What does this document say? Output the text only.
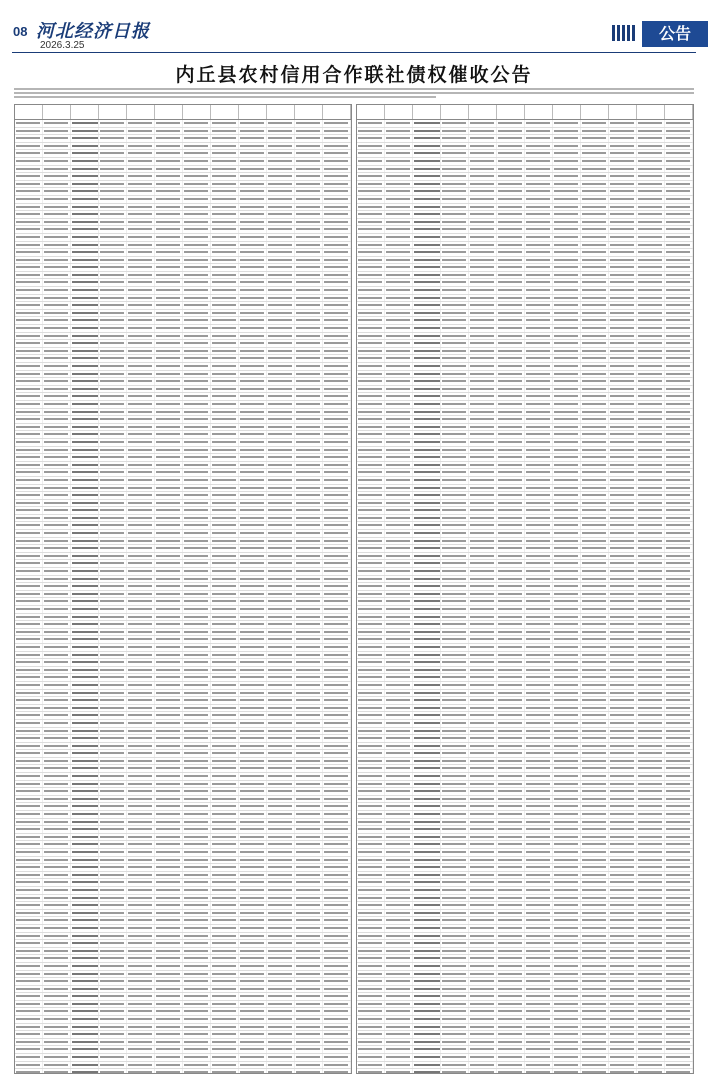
08 河北经济日报
2026.3.25
公告
内丘县农村信用合作联社债权催收公告
